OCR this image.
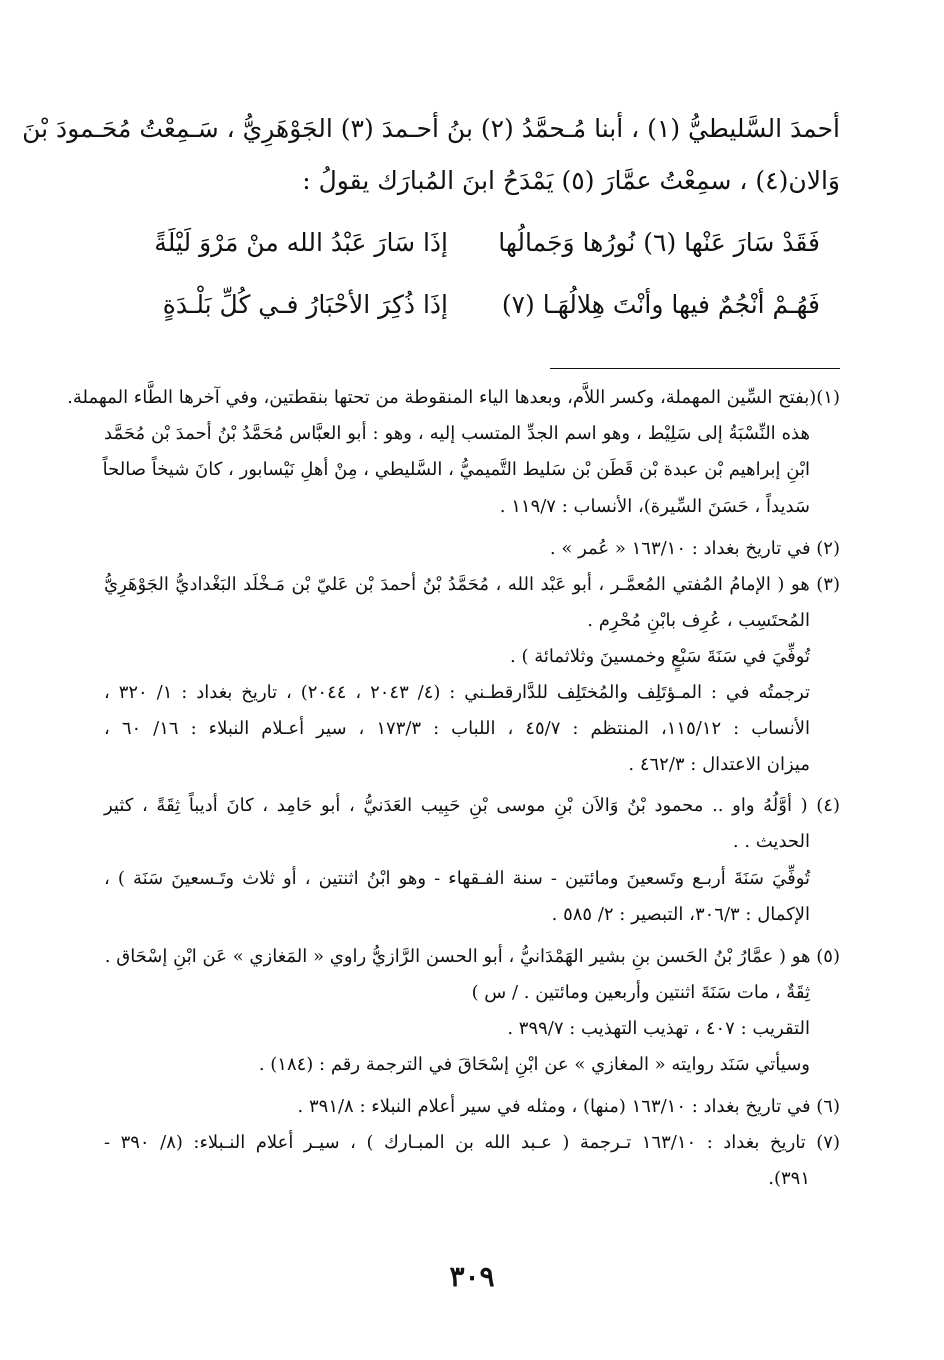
أحمدَ السَّليطيُّ (١) ، أبنا مُـحمَّدُ (٢) بنُ أحـمدَ (٣) الجَوْهَرِيُّ ، سَـمِعْتُ مُحَـمودَ بْنَ
وَالان(٤) ، سمِعْتُ عمَّارَ (٥) يَمْدَحُ ابنَ المُبارَك يقولُ :
إذَا سَارَ عَبْدُ الله منْ مَرْوَ لَيْلَةً فَقَدْ سَارَ عَنْها (٦) نُورُها وَجَمالُها
إذَا ذُكِرَ الأحْبَارُ فـي كُلِّ بَلْـدَةٍ فَهُـمْ أنْجُمٌ فيها وأنْتَ هِلالُهَـا (٧)
(١)(بفتح السِّين المهملة، وكسر اللاَّم، وبعدها الياء المنقوطة من تحتها بنقطتين، وفي آخرها الطَّاء المهملة.
هذه النِّسْبَةُ إلى سَلِيْط ، وهو اسم الجدِّ المتسب إليه ، وهو : أبو العبَّاس مُحَمَّدُ بْنُ أحمدَ بْن مُحَمَّد
ابْنِ إبراهيم بْن عبدة بْن قَطَن بْن سَليط التَّميميُّ ، السَّليطي ، مِنْ أهلِ نَيْسابور ، كانَ شيخاً صالحاً
سَديداً ، حَسَنَ السِّيرة)، الأنساب : ١١٩/٧ .
(٢) في تاريخ بغداد : ١٦٣/١٠ « عُمر » .
(٣) هو ( الإمامُ المُفتي المُعمَّـر ، أبو عَبْد الله ، مُحَمَّدُ بْنُ أحمدَ بْن عَليّ بْن مَـخْلَد البَغْداديُّ الجَوْهَرِيُّ
المُحتَسِب ، عُرِف بابْنِ مُحْرِم .
تُوفِّيَ في سَنَةَ سَبْعٍ وخمسينَ وثلاثمائة ) .
ترجمتُه في : المـؤتَلِف والمُختَلِف للدَّارقطـني : (٤/ ٢٠٤٣ ، ٢٠٤٤) ، تاريخ بغداد : ١/ ٣٢٠ ،
الأنساب : ١١٥/١٢، المنتظم : ٤٥/٧ ، اللباب : ١٧٣/٣ ، سير أعـلام النبلاء : ١٦/ ٦٠ ،
ميزان الاعتدال : ٤٦٢/٣ .
(٤) ( أوَّلُهُ واو .. محمود بْنُ وَالاَن بْنِ موسى بْنِ حَبِيب العَدَنيُّ ، أبو حَامِد ، كانَ أديباً ثِقَةً ، كثير
الحديث . .
تُوفِّيَ سَنَةَ أربـع وتَسعينَ ومائتين - سنة الفـقهاء - وهو ابْنُ اثنتين ، أو ثلاث وتَـسعينَ سَنَة ) ،
الإكمال : ٣٠٦/٣، التبصير : ٢/ ٥٨٥ .
(٥) هو ( عمَّارُ بْنُ الحَسن بنِ بشير الهَمْدَانيُّ ، أبو الحسن الرَّازيُّ راوي « المَغازي » عَن ابْنِ إسْحَاق .
ثِقَةٌ ، مات سَنَةَ اثنتين وأربعين ومائتين . / س )
التقريب : ٤٠٧ ، تهذيب التهذيب : ٣٩٩/٧ .
وسيأتي سَنَد روايته « المغازي » عن ابْنِ إسْحَاقَ في الترجمة رقم : (١٨٤) .
(٦) في تاريخ بغداد : ١٦٣/١٠ (منها) ، ومثله في سير أعلام النبلاء : ٣٩١/٨ .
(٧) تاريخ بغداد : ١٦٣/١٠ تـرجمة ( عـبد الله بن المبـارك ) ، سيـر أعلام النـبلاء: (٨/ ٣٩٠ -
٣٩١).
٣٠٩
